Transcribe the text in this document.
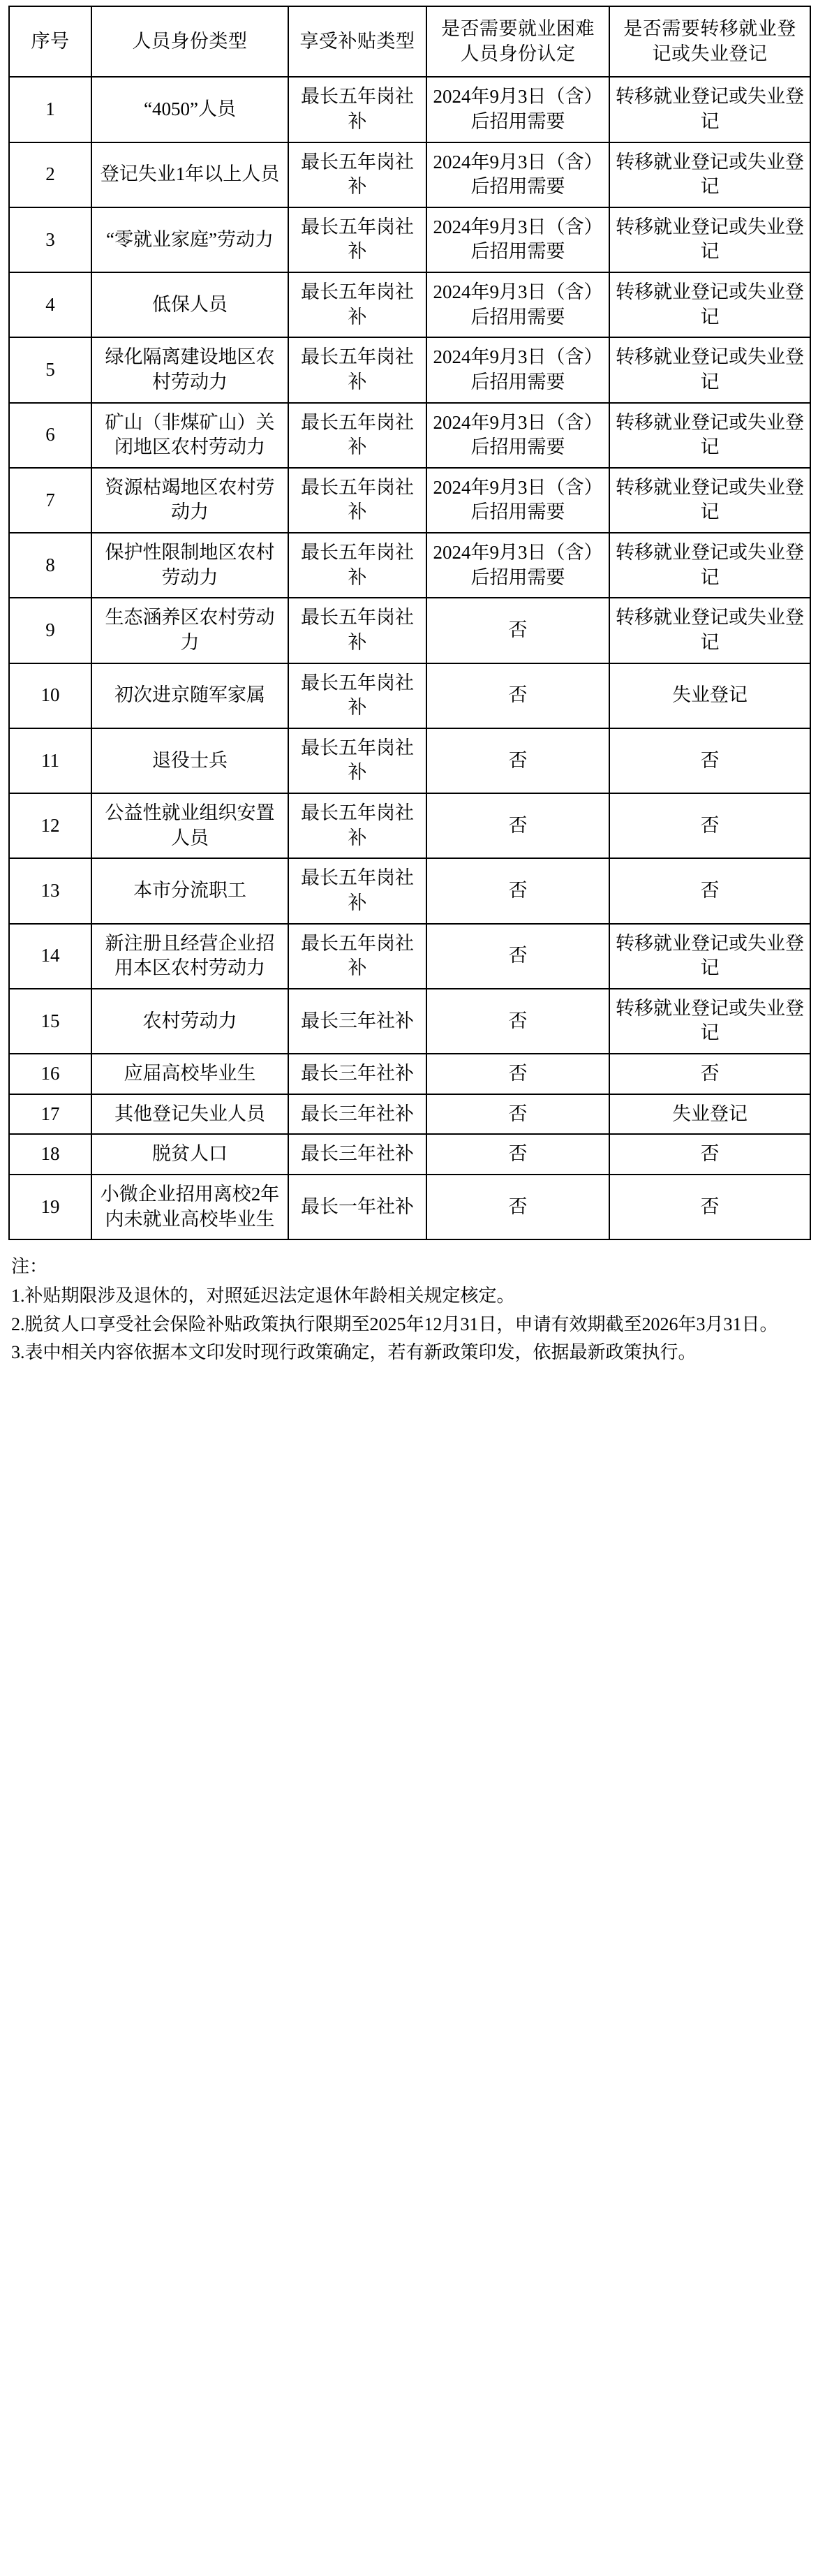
序号	人员身份类型	享受补贴类型	是否需要就业困难人员身份认定	是否需要转移就业登记或失业登记
1	“4050”人员	最长五年岗社补	2024年9月3日（含）后招用需要	转移就业登记或失业登记
2	登记失业1年以上人员	最长五年岗社补	2024年9月3日（含）后招用需要	转移就业登记或失业登记
3	“零就业家庭”劳动力	最长五年岗社补	2024年9月3日（含）后招用需要	转移就业登记或失业登记
4	低保人员	最长五年岗社补	2024年9月3日（含）后招用需要	转移就业登记或失业登记
5	绿化隔离建设地区农村劳动力	最长五年岗社补	2024年9月3日（含）后招用需要	转移就业登记或失业登记
6	矿山（非煤矿山）关闭地区农村劳动力	最长五年岗社补	2024年9月3日（含）后招用需要	转移就业登记或失业登记
7	资源枯竭地区农村劳动力	最长五年岗社补	2024年9月3日（含）后招用需要	转移就业登记或失业登记
8	保护性限制地区农村劳动力	最长五年岗社补	2024年9月3日（含）后招用需要	转移就业登记或失业登记
9	生态涵养区农村劳动力	最长五年岗社补	否	转移就业登记或失业登记
10	初次进京随军家属	最长五年岗社补	否	失业登记
11	退役士兵	最长五年岗社补	否	否
12	公益性就业组织安置人员	最长五年岗社补	否	否
13	本市分流职工	最长五年岗社补	否	否
14	新注册且经营企业招用本区农村劳动力	最长五年岗社补	否	转移就业登记或失业登记
15	农村劳动力	最长三年社补	否	转移就业登记或失业登记
16	应届高校毕业生	最长三年社补	否	否
17	其他登记失业人员	最长三年社补	否	失业登记
18	脱贫人口	最长三年社补	否	否
19	小微企业招用离校2年内未就业高校毕业生	最长一年社补	否	否

注：

1.补贴期限涉及退休的，对照延迟法定退休年龄相关规定核定。

2.脱贫人口享受社会保险补贴政策执行限期至2025年12月31日，申请有效期截至2026年3月31日。

3.表中相关内容依据本文印发时现行政策确定，若有新政策印发，依据最新政策执行。
